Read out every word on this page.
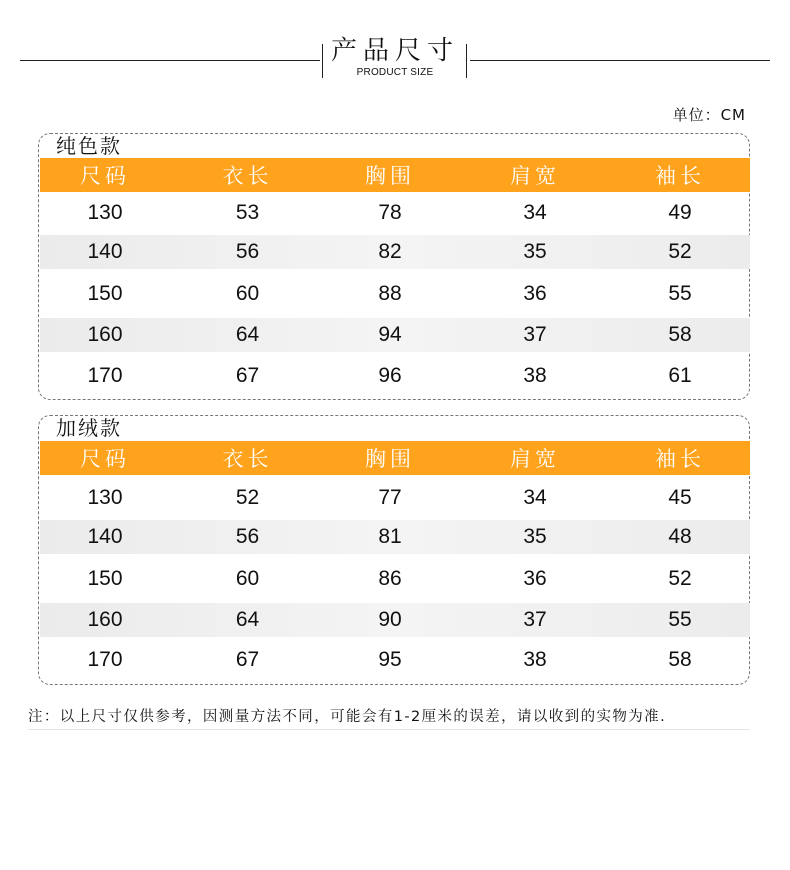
产品尺寸
PRODUCT SIZE
单位：CM
纯色款
尺码	衣长	胸围	肩宽	袖长
130	53	78	34	49
140	56	82	35	52
150	60	88	36	55
160	64	94	37	58
170	67	96	38	61
加绒款
尺码	衣长	胸围	肩宽	袖长
130	52	77	34	45
140	56	81	35	48
150	60	86	36	52
160	64	90	37	55
170	67	95	38	58
注：以上尺寸仅供参考，因测量方法不同，可能会有1-2厘米的误差，请以收到的实物为准.
